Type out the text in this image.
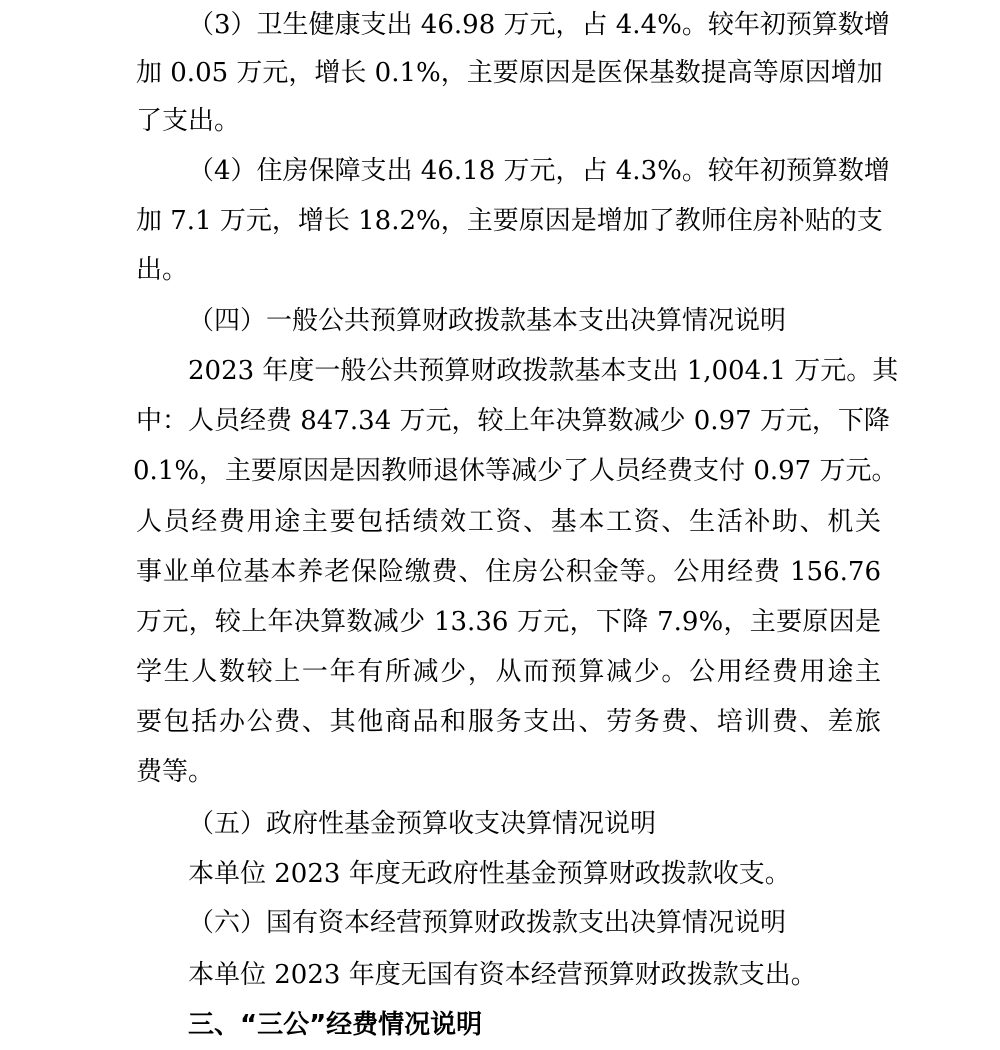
（3）卫生健康支出 46.98 万元，占 4.4%。较年初预算数增
加 0.05 万元，增长 0.1%，主要原因是医保基数提高等原因增加
了支出。
（4）住房保障支出 46.18 万元，占 4.3%。较年初预算数增
加 7.1 万元，增长 18.2%，主要原因是增加了教师住房补贴的支
出。
（四）一般公共预算财政拨款基本支出决算情况说明
2023 年度一般公共预算财政拨款基本支出 1,004.1 万元。其
中：人员经费 847.34 万元，较上年决算数减少 0.97 万元，下降
0.1%，主要原因是因教师退休等减少了人员经费支付 0.97 万元。
人员经费用途主要包括绩效工资、基本工资、生活补助、机关
事业单位基本养老保险缴费、住房公积金等。公用经费 156.76
万元，较上年决算数减少 13.36 万元，下降 7.9%，主要原因是
学生人数较上一年有所减少，从而预算减少。公用经费用途主
要包括办公费、其他商品和服务支出、劳务费、培训费、差旅
费等。
（五）政府性基金预算收支决算情况说明
本单位 2023 年度无政府性基金预算财政拨款收支。
（六）国有资本经营预算财政拨款支出决算情况说明
本单位 2023 年度无国有资本经营预算财政拨款支出。
三、“三公”经费情况说明
